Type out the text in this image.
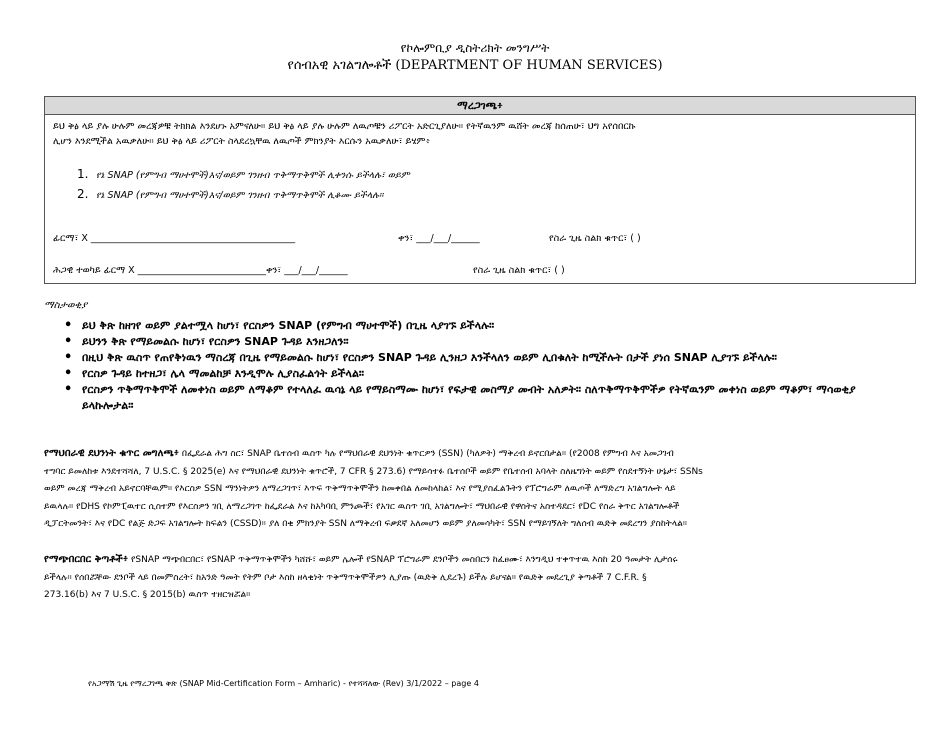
የኮሎምቢያ ዲስትሪክት መንግሥት
የሰብአዊ አገልግሎቶች (DEPARTMENT OF HUMAN SERVICES)
ማረጋገጫ፥
ይህ ቅፅ ላይ ያሉ ሁሉም መረጃዎቹ ትክክል እንደሆኑ አምናለሁ። ይህ ቅፅ ላይ ያሉ ሁሉም ለዉጦቹን ሪፖርት አድርጊያለሁ። የትኛዉንም ዉሸት መረጃ ከሰጠሁ፣ ህግ አየሰበርኩ
ሊሆን እንደሚችል አዉቃለሁ። ይህ ቅፅ ላይ ሪፖርት ስላደረኳቸዉ ለዉጦች ምክንያት እርሱን አዉቃለሁ፣ ይሄም፥
1. የኔ SNAP (የምግብ ማሀተሞች)እና/ወይም ገንዘብ ጥቅማጥቅሞች ሊቀንሱ ይችላሉ፣ ወይም
2. የኔ SNAP (የምግብ ማሀተሞች)እና/ወይም ገንዘብ ጥቅማጥቅሞች ሊቆሙ ይችላሉ።
ፊርማ፣ X ___________________________________________	ቀን፣ ___/___/______	የስራ ጊዜ ስልክ ቁጥር፣ ( )
ሕጋዊ ተወካይ ፊርማ X ___________________________ቀን፣ ___/___/______	የስራ ጊዜ ስልክ ቁጥር፣ ( )
ማስታወቂያ
• ይህ ቅጽ ከዘገየ ወይም ያልተሟላ ከሆነ፣ የርስዎን SNAP (የምግብ ማሀተሞች) በጊዜ ላያገኙ ይችላሉ።
• ይህንን ቅጽ የማይመልሱ ከሆነ፣ የርስዎን SNAP ጉዳይ እንዘጋለን።
• በዚህ ቅጽ ዉስጥ የጠየቅነዉን ማስረጃ በጊዜ የማይመልሱ ከሆነ፣ የርስዎን SNAP ጉዳይ ሊንዘጋ እንችላለን ወይም ሊበቁለት ከሚችሉት በታች ያነሰ SNAP ሊያገኙ ይችላሉ።
• የርስዎ ጉዳይ ከተዘጋ፣ ሌላ ማመልከቻ እንዲሞሉ ሊያስፈልጎት ይችላል።
• የርስዎን ጥቅማጥቅሞች ለመቀነስ ወይም ለማቆም የተላለፈ ዉሳኔ ላይ የማይስማሙ ከሆነ፣ የፍታዊ መስማያ መብት አለዎት። ስለጥቅማጥቅሞችዎ የትኛዉንም መቀነስ ወይም ማቆም፣ ማሳወቂያ ይላኩሎታል።
የማህበራዊ ደህንነት ቁጥር መግለጫ፥ በፌደራል ሕግ ስር፣ SNAP ቤተሰብ ዉስጥ ካሉ የማህበራዊ ደህንነት ቁጥርዎን (SSN) (ካለዎት) ማቅረብ ይኖርበታል። (የ2008 የምግብ እና አመጋገብ
ተግባር ይመለከቱ እንደተሻሻለ, 7 U.S.C. § 2025(e) እና የማህበራዊ ደህንነት ቁጥሮች, 7 CFR § 273.6) የማይሳተፉ ቤተሰቦች ወይም የቤተሰብ አባላት ስለዜግነት ወይም የስደተኝነት ሁኔታ፣ SSNs
ወይም መረጃ ማቅረብ አይኖርባቸዉም። የእርስዎ SSN ማንነትዎን ለማረጋገጥ፣ እጥፍ ጥቅማጥቅሞችን ከመቀበል ለመከላከል፣ እና የሚያስፈልጉትን የፕሮግራም ለዉጦች ለማድረግ አገልግሎት ላይ
ይዉላሉ። የDHS የኮምፒዉተር ሲስተም የእርስዎን ገቢ ለማረጋገጥ ከፌደራል እና ከአካባቢ ምንጮች፣ የአገር ዉስጥ ገቢ አገልግሎት፣ ማህበራዊ የዋስትና አስተዳደር፣ የDC የስራ ቅጥር አገልግሎቶች
ዲፓርትመንት፣ እና የDC የልጅ ድጋፍ አገልግሎት ክፍልን (CSSD)። ያለ በቂ ምክንያት SSN ለማቅረብ ፍቃደኛ አለመሆን ወይም ያለመሳካት፣ SSN የማይገኝለት ግለሰብ ዉድቅ መደረግን ያስከትላል።
የማጭበርበር ቅጣቶች፥ የSNAP ማጭበርበር፣ የSNAP ጥቅማጥቅሞችን ካሸሹ፣ ወይም ሌሎች የSNAP ፕሮግራም ደንቦችን መስበርን ከፈፀሙ፣ እንግዲህ ተቀጥተዉ እስከ 20 ዓመታት ሊታሰሩ
ይችላሉ። የሰበሯቸው ደንቦች ላይ በመምስረት፣ ከአንድ ዓመት የትም ቦታ እስከ ዘላቂነት ጥቅማጥቅሞችዎን ሊያጡ (ዉድቅ ሊደረጉ) ይችሉ ይሆናል። የዉድቅ መደረጊያ ቅጣቶች 7 C.F.R. §
273.16(b) እና 7 U.S.C. § 2015(b) ዉስጥ ተዘርዝሯል።
የአጋማሽ ጊዜ የማረጋገጫ ቅጽ (SNAP Mid-Certification Form – Amharic) - የተሻሻለው (Rev) 3/1/2022 – page 4
